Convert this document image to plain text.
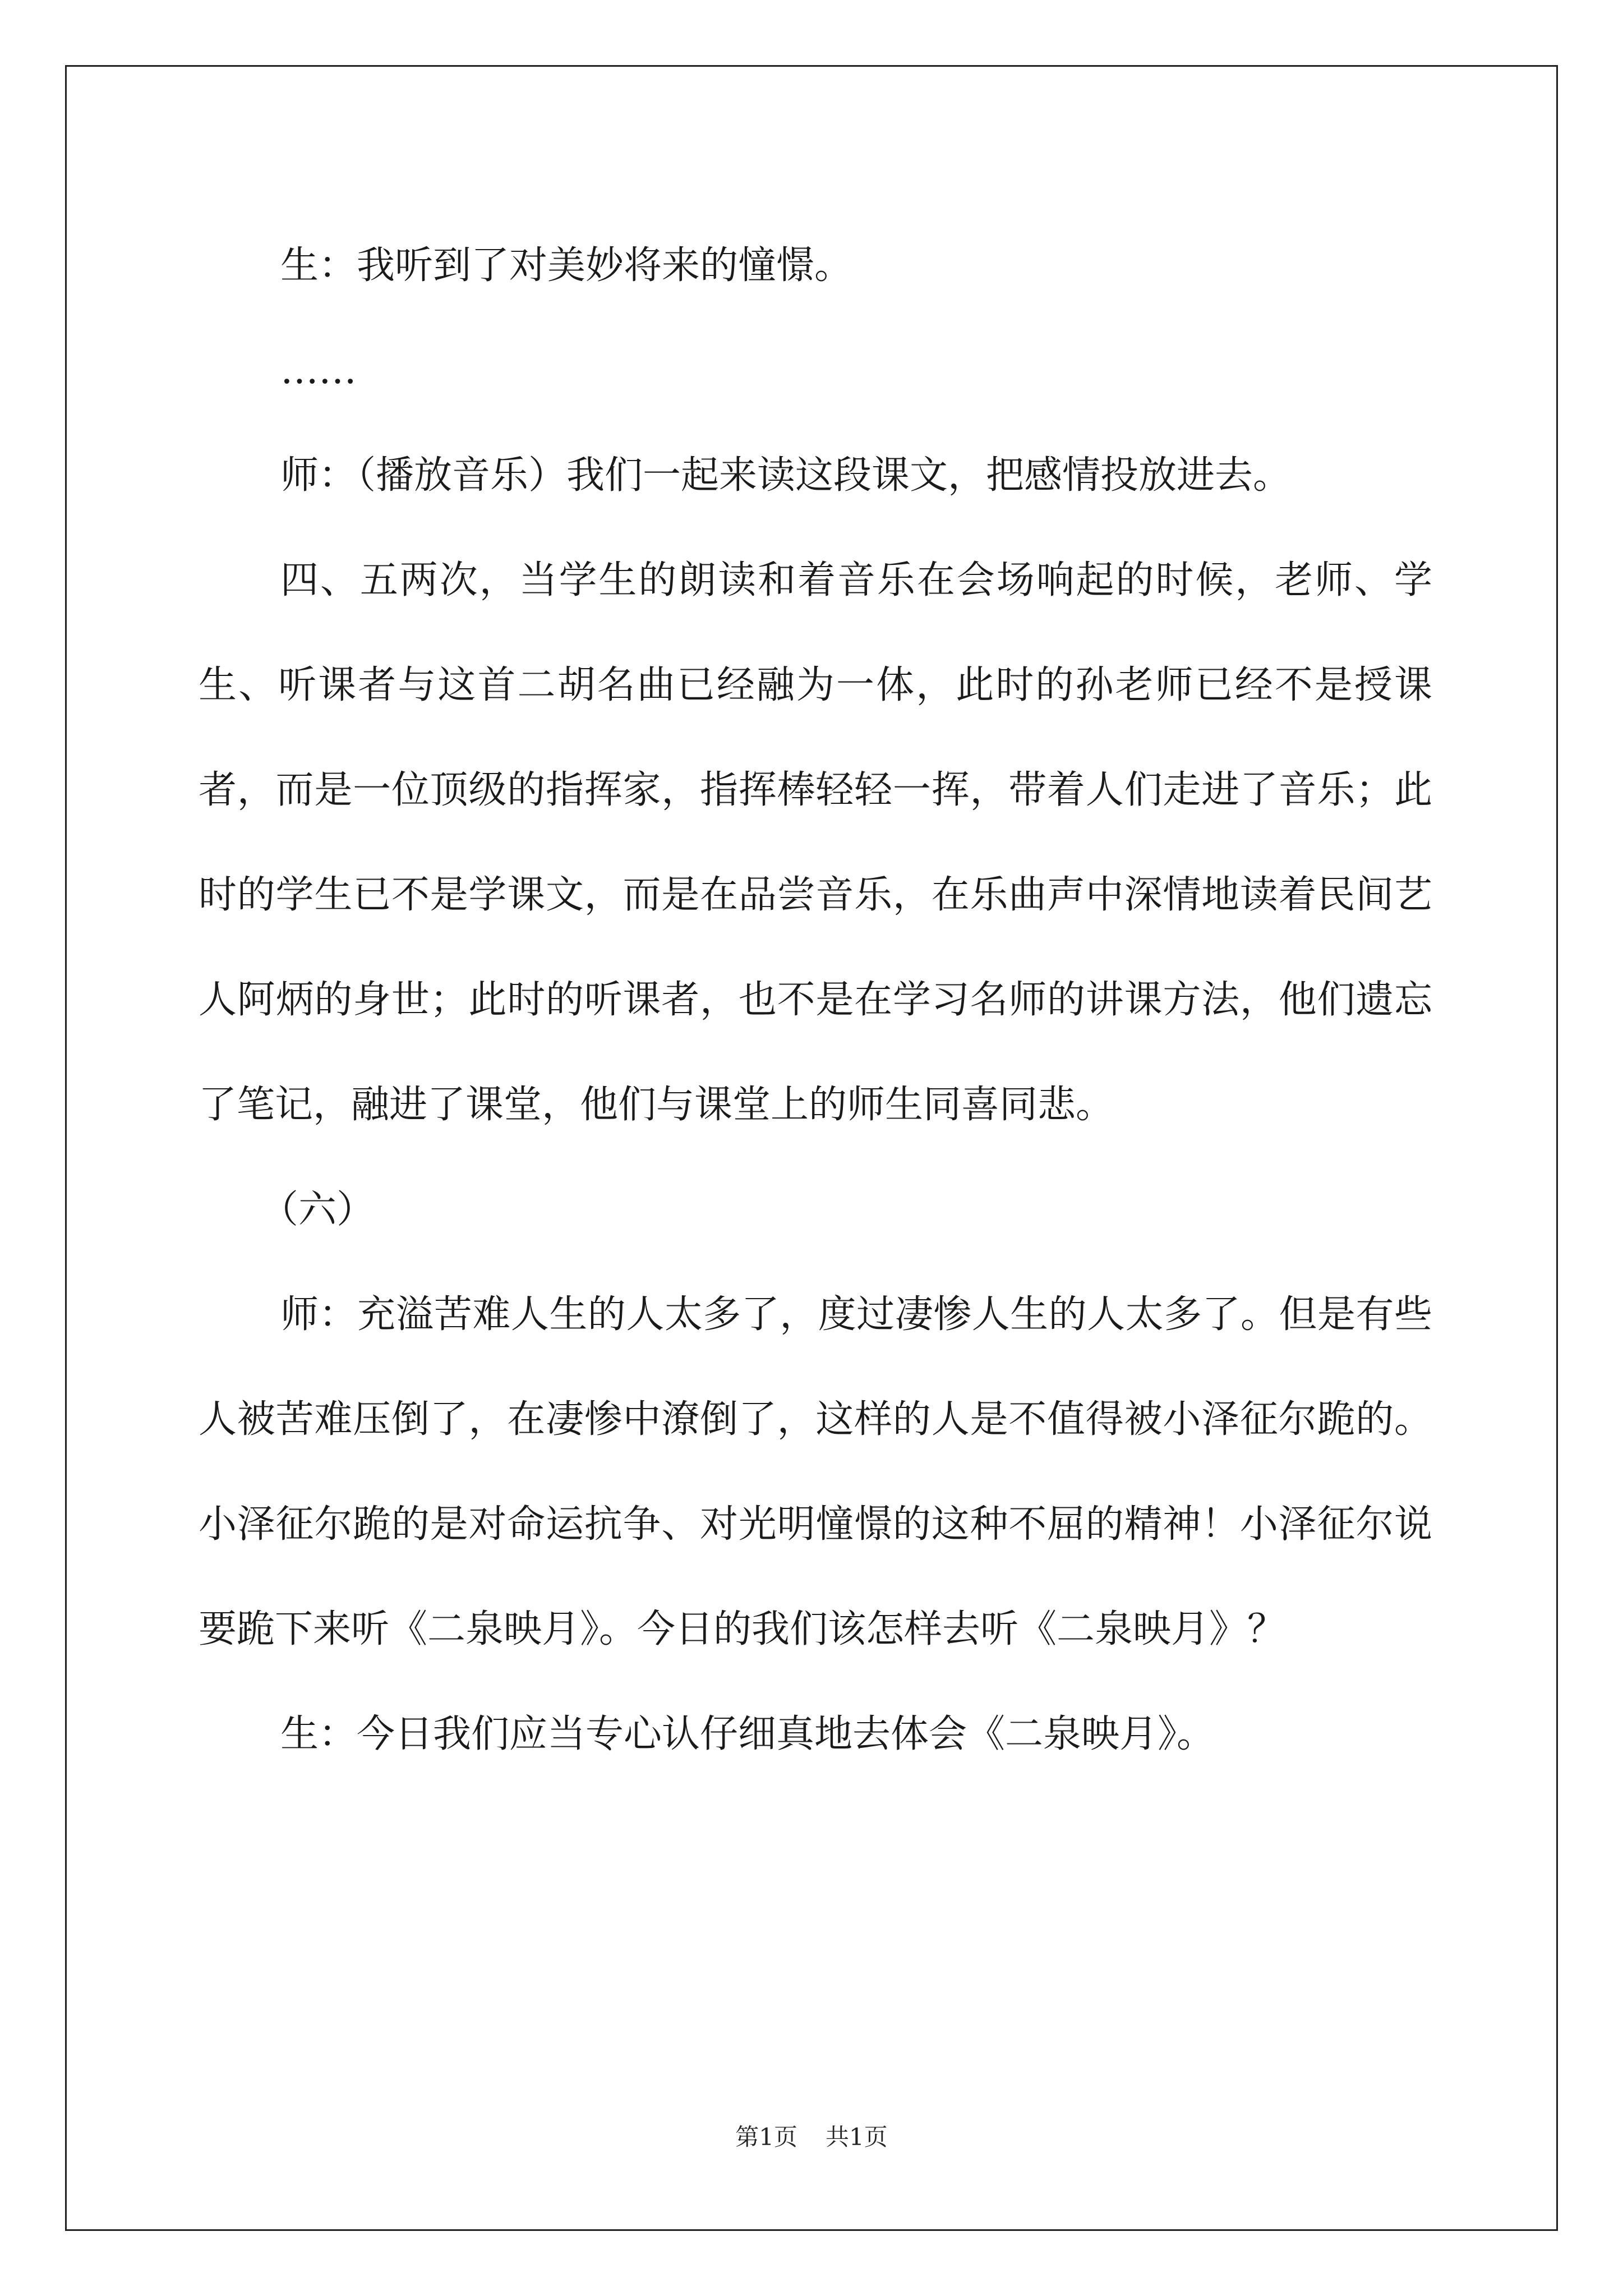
生：我听到了对美妙将来的憧憬。

……

师：（播放音乐）我们一起来读这段课文，把感情投放进去。

四、五两次，当学生的朗读和着音乐在会场响起的时候，老师、学生、听课者与这首二胡名曲已经融为一体，此时的孙老师已经不是授课者，而是一位顶级的指挥家，指挥棒轻轻一挥，带着人们走进了音乐；此时的学生已不是学课文，而是在品尝音乐，在乐曲声中深情地读着民间艺人阿炳的身世；此时的听课者，也不是在学习名师的讲课方法，他们遗忘了笔记，融进了课堂，他们与课堂上的师生同喜同悲。

（六）

师：充溢苦难人生的人太多了，度过凄惨人生的人太多了。但是有些人被苦难压倒了，在凄惨中潦倒了，这样的人是不值得被小泽征尔跪的。小泽征尔跪的是对命运抗争、对光明憧憬的这种不屈的精神！小泽征尔说要跪下来听《二泉映月》。今日的我们该怎样去听《二泉映月》？

生：今日我们应当专心认仔细真地去体会《二泉映月》。

第1页 共1页
